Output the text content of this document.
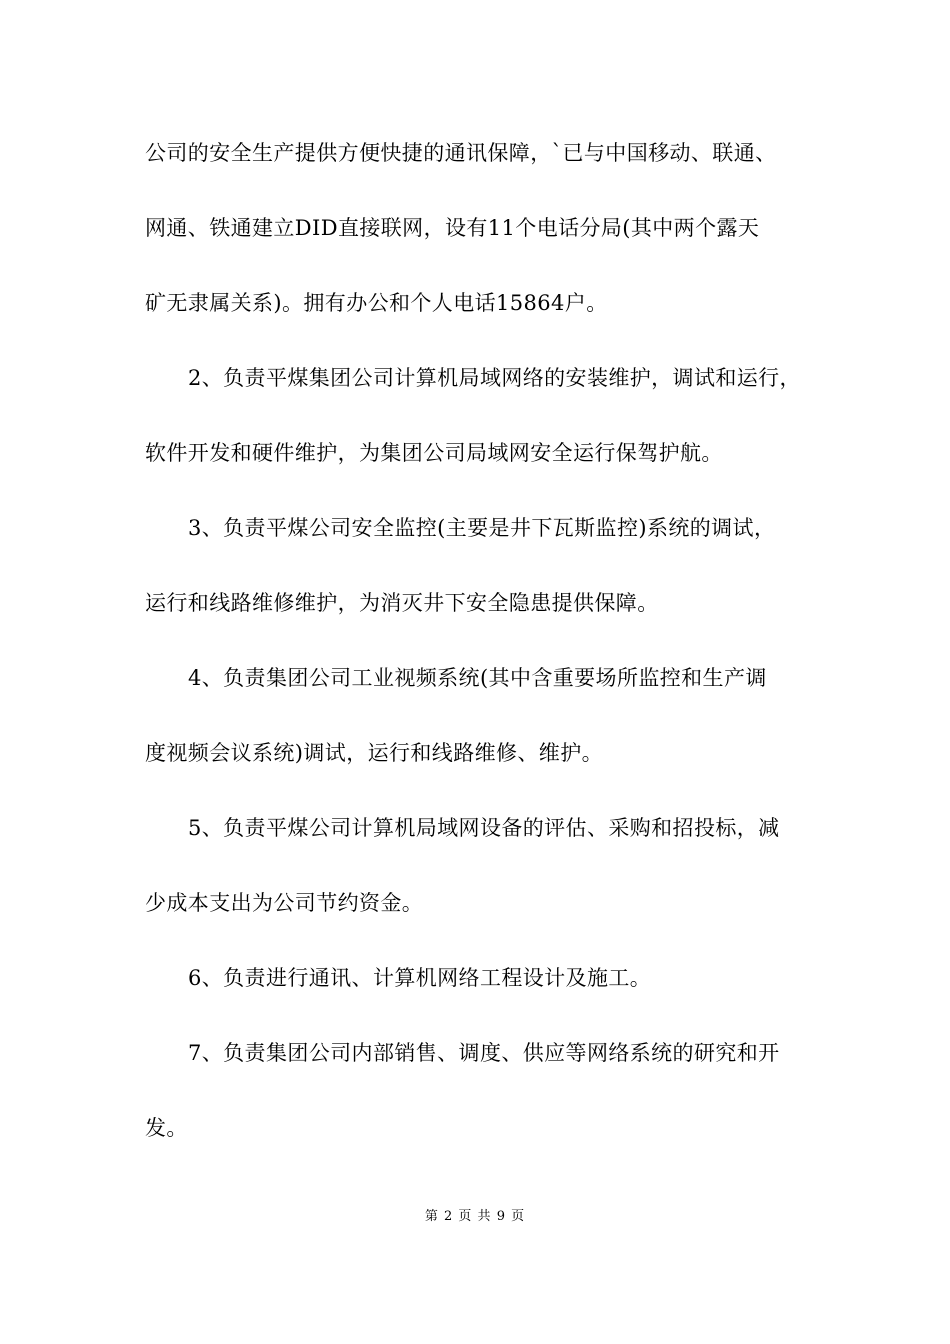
公司的安全生产提供方便快捷的通讯保障，`已与中国移动、联通、
网通、铁通建立DID直接联网，设有11个电话分局(其中两个露天
矿无隶属关系)。拥有办公和个人电话15864户。
2、负责平煤集团公司计算机局域网络的安装维护，调试和运行，
软件开发和硬件维护，为集团公司局域网安全运行保驾护航。
3、负责平煤公司安全监控(主要是井下瓦斯监控)系统的调试，
运行和线路维修维护，为消灭井下安全隐患提供保障。
4、负责集团公司工业视频系统(其中含重要场所监控和生产调
度视频会议系统)调试，运行和线路维修、维护。
5、负责平煤公司计算机局域网设备的评估、采购和招投标，减
少成本支出为公司节约资金。
6、负责进行通讯、计算机网络工程设计及施工。
7、负责集团公司内部销售、调度、供应等网络系统的研究和开
发。
第 2 页 共 9 页
